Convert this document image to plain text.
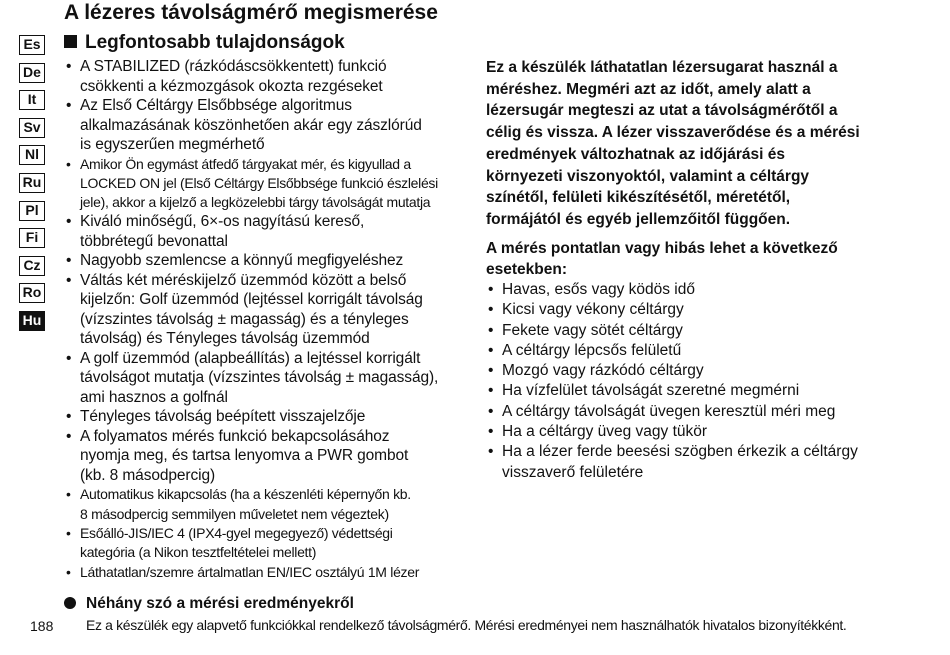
A lézeres távolságmérő megismerése
Es
De
It
Sv
Nl
Ru
Pl
Fi
Cz
Ro
Hu
Legfontosabb tulajdonságok
• A STABILIZED (rázkódáscsökkentett) funkció
csökkenti a kézmozgások okozta rezgéseket
• Az Első Céltárgy Elsőbbsége algoritmus
alkalmazásának köszönhetően akár egy zászlórúd
is egyszerűen megmérhető
• Amikor Ön egymást átfedő tárgyakat mér, és kigyullad a
LOCKED ON jel (Első Céltárgy Elsőbbsége funkció észlelési
jele), akkor a kijelző a legközelebbi tárgy távolságát mutatja
• Kiváló minőségű, 6×-os nagyítású kereső,
többrétegű bevonattal
• Nagyobb szemlencse a könnyű megfigyeléshez
• Váltás két méréskijelző üzemmód között a belső
kijelzőn: Golf üzemmód (lejtéssel korrigált távolság
(vízszintes távolság ± magasság) és a tényleges
távolság) és Tényleges távolság üzemmód
• A golf üzemmód (alapbeállítás) a lejtéssel korrigált
távolságot mutatja (vízszintes távolság ± magasság),
ami hasznos a golfnál
• Tényleges távolság beépített visszajelzője
• A folyamatos mérés funkció bekapcsolásához
nyomja meg, és tartsa lenyomva a PWR gombot
(kb. 8 másodpercig)
• Automatikus kikapcsolás (ha a készenléti képernyőn kb.
8 másodpercig semmilyen műveletet nem végeztek)
• Esőálló-JIS/IEC 4 (IPX4-gyel megegyező) védettségi
kategória (a Nikon tesztfeltételei mellett)
• Láthatatlan/szemre ártalmatlan EN/IEC osztályú 1M lézer

Ez a készülék láthatatlan lézersugarat használ a
méréshez. Megméri azt az időt, amely alatt a
lézersugár megteszi az utat a távolságmérőtől a
célig és vissza. A lézer visszaverődése és a mérési
eredmények változhatnak az időjárási és
környezeti viszonyoktól, valamint a céltárgy
színétől, felületi kikészítésétől, méretétől,
formájától és egyéb jellemzőitől függően.

A mérés pontatlan vagy hibás lehet a következő
esetekben:

• Havas, esős vagy ködös idő
• Kicsi vagy vékony céltárgy
• Fekete vagy sötét céltárgy
• A céltárgy lépcsős felületű
• Mozgó vagy rázkódó céltárgy
• Ha vízfelület távolságát szeretné megmérni
• A céltárgy távolságát üvegen keresztül méri meg
• Ha a céltárgy üveg vagy tükör
• Ha a lézer ferde beesési szögben érkezik a céltárgy
visszaverő felületére
Néhány szó a mérési eredményekről
188 Ez a készülék egy alapvető funkciókkal rendelkező távolságmérő. Mérési eredményei nem használhatók hivatalos bizonyítékként.
